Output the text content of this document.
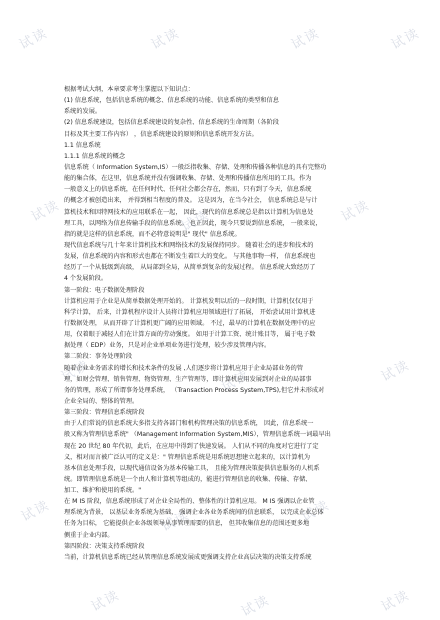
试读	试读	试读	试读
试读	试读	试读
试读	试读	试读
试读	试读	试读
试读	试读	试读
根据考试大纲，本章要求考生掌握以下知识点：
(1) 信息系统，包括信息系统的概念、信息系统的功能、信息系统的类型和信息
系统的发展。
(2) 信息系统建设，包括信息系统建设的复杂性、信息系统的生命周期（各阶段
目标及其主要工作内容） ，信息系统建设的原则和信息系统开发方法。
1.1 信息系统
1.1.1 信息系统的概念
信息系统（ Information System,IS）一般泛指收集、存储、处理和传播各种信息的具有完整功
能的集合体，在这里，信息系统并没有强调收集、存储、处理和传播信息所用的工具。作为
一般意义上的信息系统，在任何时代、任何社会都会存在，然而，只有到了今天，信息系统
的概念才被创造出来， 并得到相当程度的普及。 这是因为，在当今社会， 信息系统总是与计
算机技术和因特网技术的应用联系在一起， 因此，现代的信息系统总是指以计算机为信息处
理工具，以网络为信息传输手段的信息系统。 也正因此，现今只要说到信息系统， 一般来说，
指的就是这样的信息系统，而不必特意说明是" 现代" 信息系统。
现代信息系统与几十年来计算机技术和网络技术的发展保持同步。 随着社会的进步和技术的
发展，信息系统的内容和形式也都在不断发生着巨大的变化。 与其他事物一样， 信息系统也
经历了一个从低级到高级， 从局部到全局，从简单到复杂的发展过程。 信息系统大致经历了
4 个发展阶段。
第一阶段：电子数据处理阶段
计算机应用于企业是从简单数据处理开始的。 计算机发明以后的一段时期，计算机仅仅用于
科学计算， 后来，计算机程序设计人员将计算机应用领域进行了拓展， 开始尝试用计算机进
行数据处理， 从而开辟了计算机更广阔的应用领域。 不过，最早的计算机在数据处理中的应
用，仅着眼于减轻人们在计算方面的劳动强度。 如用于计算工资、统计账目等， 属于电子数
据处理（ EDP）业务，只是对企业单项业务进行处理，较少涉及管理内容。
第二阶段：事务处理阶段
随着企业业务需求的增长和技术条件的发展 ,人们逐步将计算机应用于企业局部业务的管
理，如财会管理、销售管理、物资管理、生产管理等，即计算机应用发展到对企业的局部事
务的管理，形成了所谓事务处理系统， （Transaction Process System,TPS),但它并未形成对
企业全局的、整体的管理。
第三阶段：管理信息系统阶段
由于人们常说的信息系统大多指支持各部门和机构管理决策的信息系统， 因此，信息系统一
般又称为管理信息系统" （Management Information System,MIS），管理信息系统一词最早出
现在 20 世纪 80 年代初，此后，在应用中得到了快速发展。 人们从不同的角度对它进行了定
义，相对而言被广泛认可的定义是：" 管理信息系统是用系统思想建立起来的，以计算机为
基本信息处理手段，以现代通信设备为基本传输工具， 且能为管理决策提供信息服务的人机系
统。即管理信息系统是一个由人和计算机等组成的，能进行管理信息的收集、传输、存储、
加工、维护和使用的系统。"
在 M IS 阶段，信息系统形成了对企业全局性的、整体性的计算机应用。 M IS 强调以企业管
理系统为背景， 以基层业务系统为基础， 强调企业各业务系统间的信息联系， 以完成企业总体
任务为目标， 它能提供企业各级领导从事管理需要的信息， 但其收集信息的范围还更多地
侧重于企业内部。
第四阶段：决策支持系统阶段
当前，计算机信息系统已经从管理信息系统发展成更强调支持企业高层决策的决策支持系统
